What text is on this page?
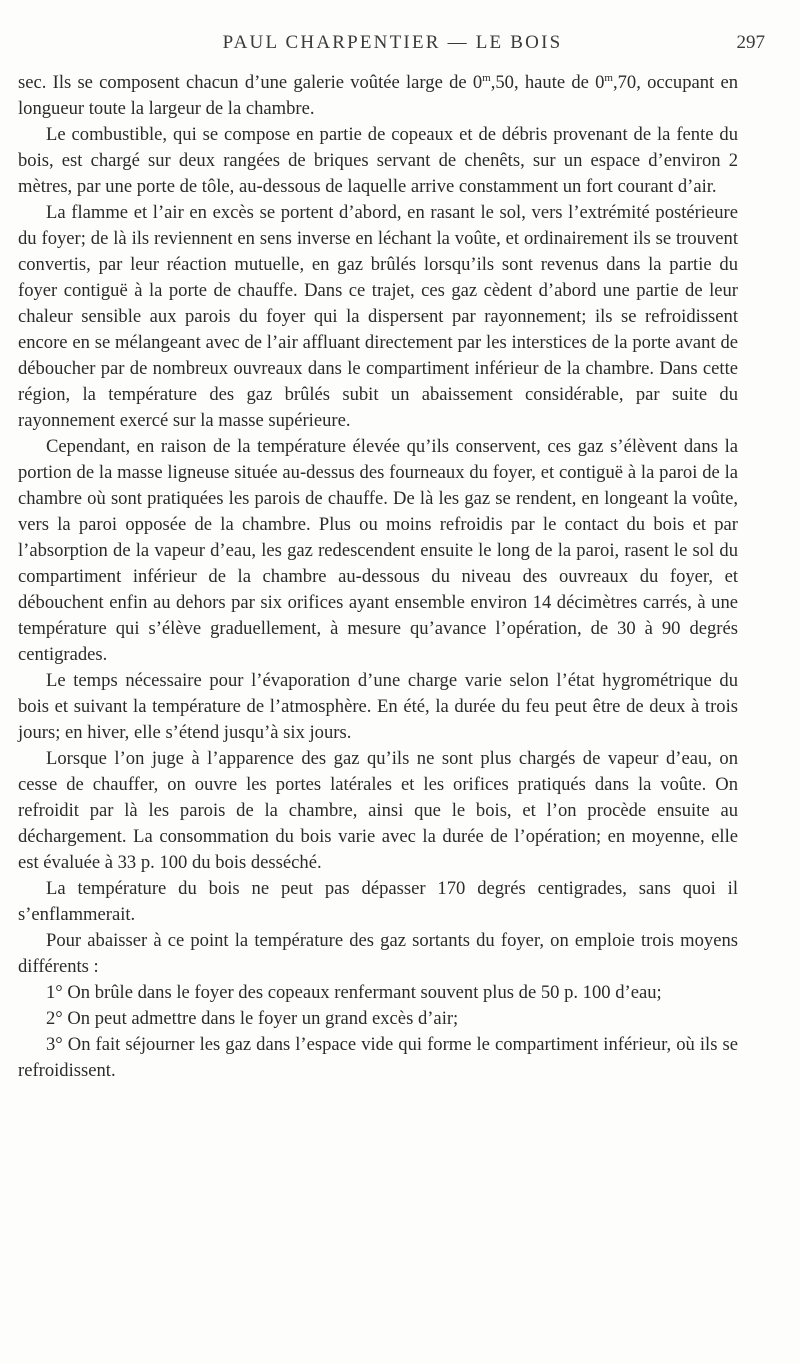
PAUL CHARPENTIER — LE BOIS	297

sec. Ils se composent chacun d’une galerie voûtée large de 0$^m$,50, haute de 0$^m$,70, occupant en longueur toute la largeur de la chambre.

Le combustible, qui se compose en partie de copeaux et de débris provenant de la fente du bois, est chargé sur deux rangées de briques servant de chenêts, sur un espace d’environ 2 mètres, par une porte de tôle, au-dessous de laquelle arrive constamment un fort courant d’air.

La flamme et l’air en excès se portent d’abord, en rasant le sol, vers l’extrémité postérieure du foyer; de là ils reviennent en sens inverse en léchant la voûte, et ordinairement ils se trouvent convertis, par leur réaction mutuelle, en gaz brûlés lorsqu’ils sont revenus dans la partie du foyer contiguë à la porte de chauffe. Dans ce trajet, ces gaz cèdent d’abord une partie de leur chaleur sensible aux parois du foyer qui la dispersent par rayonnement; ils se refroidissent encore en se mélangeant avec de l’air affluant directement par les interstices de la porte avant de déboucher par de nombreux ouvreaux dans le compartiment inférieur de la chambre. Dans cette région, la température des gaz brûlés subit un abaissement considérable, par suite du rayonnement exercé sur la masse supérieure.

Cependant, en raison de la température élevée qu’ils conservent, ces gaz s’élèvent dans la portion de la masse ligneuse située au-dessus des fourneaux du foyer, et contiguë à la paroi de la chambre où sont pratiquées les parois de chauffe. De là les gaz se rendent, en longeant la voûte, vers la paroi opposée de la chambre. Plus ou moins refroidis par le contact du bois et par l’absorption de la vapeur d’eau, les gaz redescendent ensuite le long de la paroi, rasent le sol du compartiment inférieur de la chambre au-dessous du niveau des ouvreaux du foyer, et débouchent enfin au dehors par six orifices ayant ensemble environ 14 décimètres carrés, à une température qui s’élève graduellement, à mesure qu’avance l’opération, de 30 à 90 degrés centigrades.

Le temps nécessaire pour l’évaporation d’une charge varie selon l’état hygrométrique du bois et suivant la température de l’atmosphère. En été, la durée du feu peut être de deux à trois jours; en hiver, elle s’étend jusqu’à six jours.

Lorsque l’on juge à l’apparence des gaz qu’ils ne sont plus chargés de vapeur d’eau, on cesse de chauffer, on ouvre les portes latérales et les orifices pratiqués dans la voûte. On refroidit par là les parois de la chambre, ainsi que le bois, et l’on procède ensuite au déchargement. La consommation du bois varie avec la durée de l’opération; en moyenne, elle est évaluée à 33 p. 100 du bois desséché.

La température du bois ne peut pas dépasser 170 degrés centigrades, sans quoi il s’enflammerait.

Pour abaisser à ce point la température des gaz sortants du foyer, on emploie trois moyens différents :

1° On brûle dans le foyer des copeaux renfermant souvent plus de 50 p. 100 d’eau;

2° On peut admettre dans le foyer un grand excès d’air;

3° On fait séjourner les gaz dans l’espace vide qui forme le compartiment inférieur, où ils se refroidissent.
